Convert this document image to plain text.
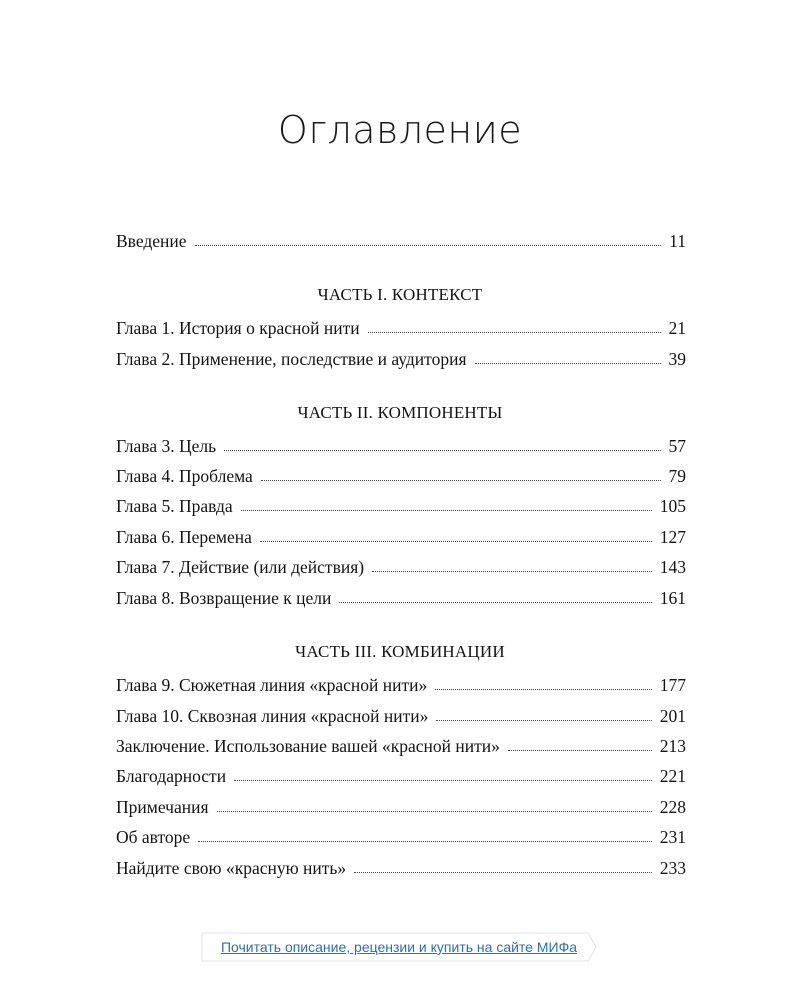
Оглавление
Введение	11
ЧАСТЬ I. КОНТЕКСТ
Глава 1. История о красной нити	21
Глава 2. Применение, последствие и аудитория	39
ЧАСТЬ II. КОМПОНЕНТЫ
Глава 3. Цель	57
Глава 4. Проблема	79
Глава 5. Правда	105
Глава 6. Перемена	127
Глава 7. Действие (или действия)	143
Глава 8. Возвращение к цели	161
ЧАСТЬ III. КОМБИНАЦИИ
Глава 9. Сюжетная линия «красной нити»	177
Глава 10. Сквозная линия «красной нити»	201
Заключение. Использование вашей «красной нити»	213
Благодарности	221
Примечания	228
Об авторе	231
Найдите свою «красную нить»	233
Почитать описание, рецензии и купить на сайте МИФа
